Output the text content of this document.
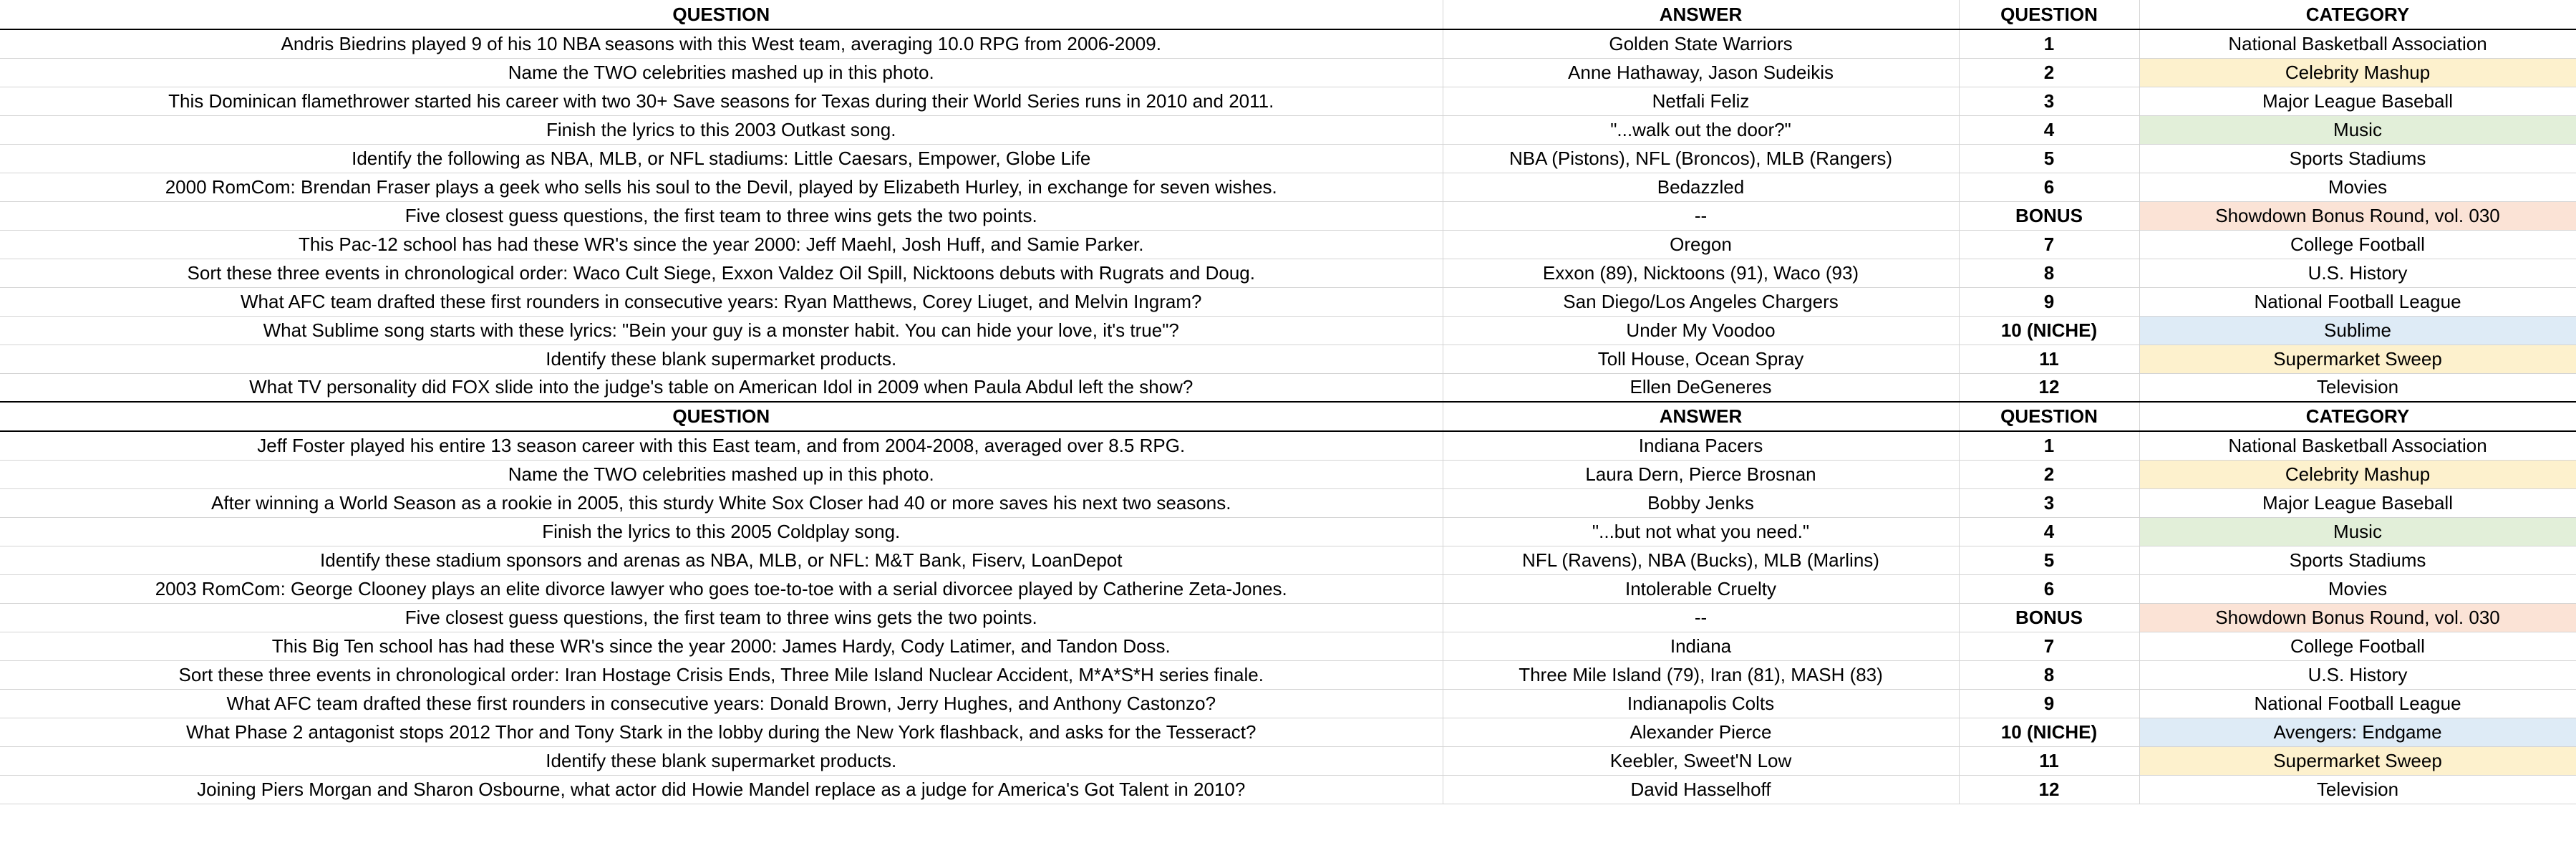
QUESTION	ANSWER	QUESTION	CATEGORY
Andris Biedrins played 9 of his 10 NBA seasons with this West team, averaging 10.0 RPG from 2006-2009.	Golden State Warriors	1	National Basketball Association
Name the TWO celebrities mashed up in this photo.	Anne Hathaway, Jason Sudeikis	2	Celebrity Mashup
This Dominican flamethrower started his career with two 30+ Save seasons for Texas during their World Series runs in 2010 and 2011.	Netfali Feliz	3	Major League Baseball
Finish the lyrics to this 2003 Outkast song.	"...walk out the door?"	4	Music
Identify the following as NBA, MLB, or NFL stadiums: Little Caesars, Empower, Globe Life	NBA (Pistons), NFL (Broncos), MLB (Rangers)	5	Sports Stadiums
2000 RomCom: Brendan Fraser plays a geek who sells his soul to the Devil, played by Elizabeth Hurley, in exchange for seven wishes.	Bedazzled	6	Movies
Five closest guess questions, the first team to three wins gets the two points.	--	BONUS	Showdown Bonus Round, vol. 030
This Pac-12 school has had these WR's since the year 2000: Jeff Maehl, Josh Huff, and Samie Parker.	Oregon	7	College Football
Sort these three events in chronological order: Waco Cult Siege, Exxon Valdez Oil Spill, Nicktoons debuts with Rugrats and Doug.	Exxon (89), Nicktoons (91), Waco (93)	8	U.S. History
What AFC team drafted these first rounders in consecutive years: Ryan Matthews, Corey Liuget, and Melvin Ingram?	San Diego/Los Angeles Chargers	9	National Football League
What Sublime song starts with these lyrics: "Bein your guy is a monster habit. You can hide your love, it's true"?	Under My Voodoo	10 (NICHE)	Sublime
Identify these blank supermarket products.	Toll House, Ocean Spray	11	Supermarket Sweep
What TV personality did FOX slide into the judge's table on American Idol in 2009 when Paula Abdul left the show?	Ellen DeGeneres	12	Television
QUESTION	ANSWER	QUESTION	CATEGORY
Jeff Foster played his entire 13 season career with this East team, and from 2004-2008, averaged over 8.5 RPG.	Indiana Pacers	1	National Basketball Association
Name the TWO celebrities mashed up in this photo.	Laura Dern, Pierce Brosnan	2	Celebrity Mashup
After winning a World Season as a rookie in 2005, this sturdy White Sox Closer had 40 or more saves his next two seasons.	Bobby Jenks	3	Major League Baseball
Finish the lyrics to this 2005 Coldplay song.	"...but not what you need."	4	Music
Identify these stadium sponsors and arenas as NBA, MLB, or NFL: M&T Bank, Fiserv, LoanDepot	NFL (Ravens), NBA (Bucks), MLB (Marlins)	5	Sports Stadiums
2003 RomCom: George Clooney plays an elite divorce lawyer who goes toe-to-toe with a serial divorcee played by Catherine Zeta-Jones.	Intolerable Cruelty	6	Movies
Five closest guess questions, the first team to three wins gets the two points.	--	BONUS	Showdown Bonus Round, vol. 030
This Big Ten school has had these WR's since the year 2000: James Hardy, Cody Latimer, and Tandon Doss.	Indiana	7	College Football
Sort these three events in chronological order: Iran Hostage Crisis Ends, Three Mile Island Nuclear Accident, M*A*S*H series finale.	Three Mile Island (79), Iran (81), MASH (83)	8	U.S. History
What AFC team drafted these first rounders in consecutive years: Donald Brown, Jerry Hughes, and Anthony Castonzo?	Indianapolis Colts	9	National Football League
What Phase 2 antagonist stops 2012 Thor and Tony Stark in the lobby during the New York flashback, and asks for the Tesseract?	Alexander Pierce	10 (NICHE)	Avengers: Endgame
Identify these blank supermarket products.	Keebler, Sweet'N Low	11	Supermarket Sweep
Joining Piers Morgan and Sharon Osbourne, what actor did Howie Mandel replace as a judge for America's Got Talent in 2010?	David Hasselhoff	12	Television
